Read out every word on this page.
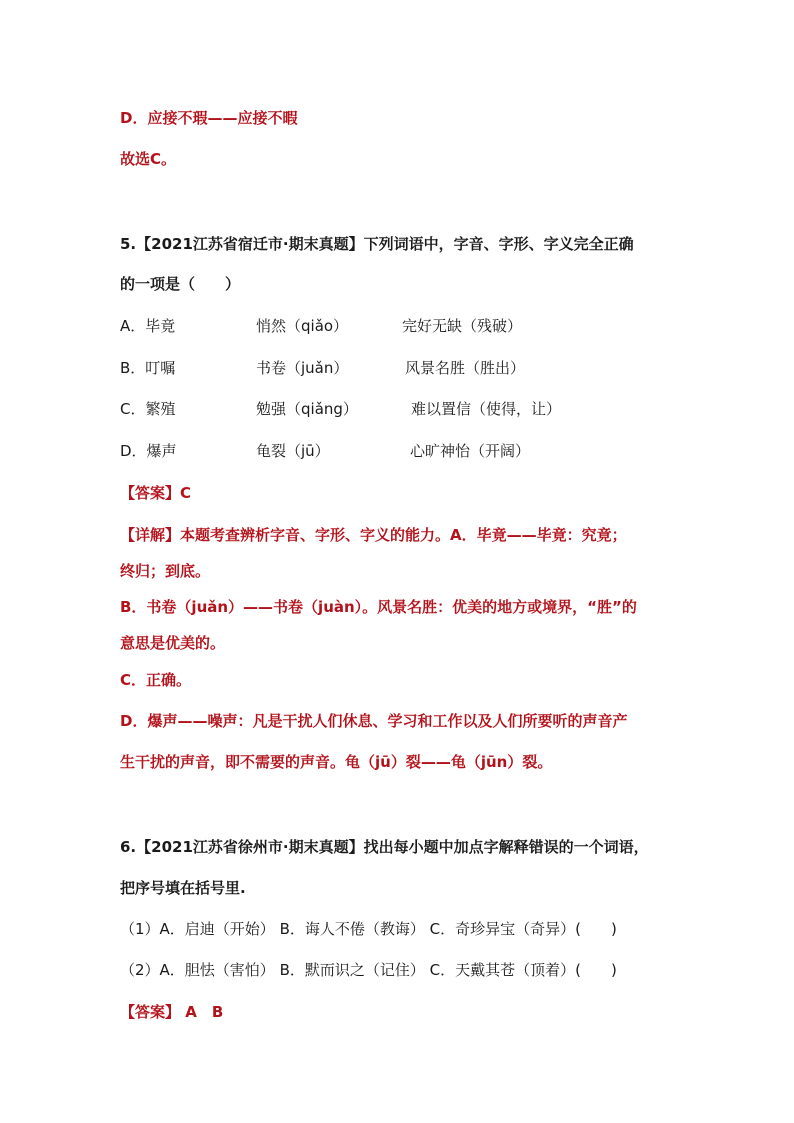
D．应接不瑕——应接不暇
故选C。
5.【2021江苏省宿迁市·期末真题】下列词语中，字音、字形、字义完全正确
的一项是（　　）
A．毕竟	悄然（qiǎo）	完好无缺（残破）
B．叮嘱	书卷（juǎn）	风景名胜（胜出）
C．繁殖	勉强（qiǎng）	难以置信（使得，让）
D．爆声	龟裂（jū）	心旷神怡（开阔）
【答案】C
【详解】本题考查辨析字音、字形、字义的能力。A．毕竟——毕竟：究竟；
终归；到底。
B．书卷（juǎn）——书卷（juàn）。风景名胜：优美的地方或境界，“胜”的
意思是优美的。
C．正确。
D．爆声——噪声：凡是干扰人们休息、学习和工作以及人们所要听的声音产
生干扰的声音，即不需要的声音。龟（jū）裂——龟（jūn）裂。
6.【2021江苏省徐州市·期末真题】找出每小题中加点字解释错误的一个词语，
把序号填在括号里.
（1）A．启迪（开始） B．诲人不倦（教诲） C．奇珍异宝（奇异）(　　)
（2）A．胆怯（害怕） B．默而识之（记住） C．天戴其苍（顶着）(　　)
【答案】 A　B
